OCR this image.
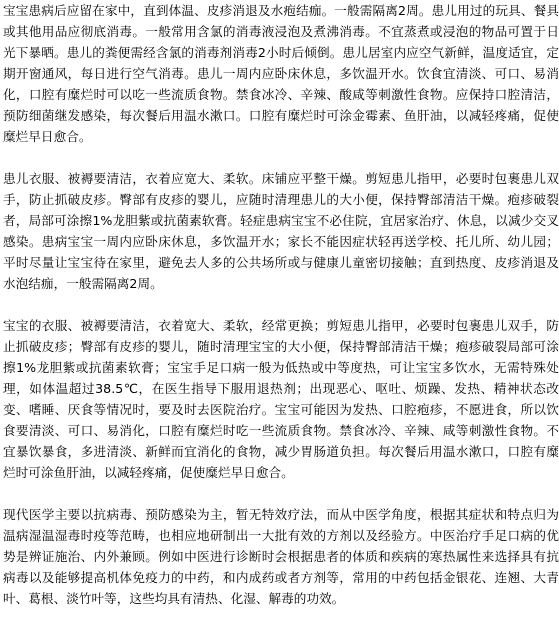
宝宝患病后应留在家中，直到体温、皮疹消退及水疱结痂。一般需隔离2周。患儿用过的玩具、餐具或其他用品应彻底消毒。一般常用含氯的消毒液浸泡及煮沸消毒。不宜蒸煮或浸泡的物品可置于日光下暴晒。患儿的粪便需经含氯的消毒剂消毒2小时后倾倒。患儿居室内应空气新鲜，温度适宜，定期开窗通风，每日进行空气消毒。患儿一周内应卧床休息，多饮温开水。饮食宜清淡、可口、易消化，口腔有糜烂时可以吃一些流质食物。禁食冰冷、辛辣、酸咸等刺激性食物。应保持口腔清洁，预防细菌继发感染，每次餐后用温水漱口。口腔有糜烂时可涂金霉素、鱼肝油，以减轻疼痛，促使糜烂早日愈合。

患儿衣服、被褥要清洁，衣着应宽大、柔软。床铺应平整干燥。剪短患儿指甲，必要时包裹患儿双手，防止抓破皮疹。臀部有皮疹的婴儿，应随时清理患儿的大小便，保持臀部清洁干燥。疱疹破裂者，局部可涂擦1%龙胆紫或抗菌素软膏。轻症患病宝宝不必住院，宜居家治疗、休息，以减少交叉感染。患病宝宝一周内应卧床休息，多饮温开水；家长不能因症状轻再送学校、托儿所、幼儿园；平时尽量让宝宝待在家里，避免去人多的公共场所或与健康儿童密切接触；直到热度、皮疹消退及水泡结痂，一般需隔离2周。

宝宝的衣服、被褥要清洁，衣着宽大、柔软，经常更换；剪短患儿指甲，必要时包裹患儿双手，防止抓破皮疹；臀部有皮疹的婴儿，随时清理宝宝的大小便，保持臀部清洁干燥；疱疹破裂局部可涂擦1%龙胆紫或抗菌素软膏；宝宝手足口病一般为低热或中等度热，可让宝宝多饮水，无需特殊处理，如体温超过38.5℃，在医生指导下服用退热剂；出现恶心、呕吐、烦躁、发热、精神状态改变、嗜睡、厌食等情况时，要及时去医院治疗。宝宝可能因为发热、口腔疱疹，不愿进食，所以饮食要清淡、可口、易消化，口腔有糜烂时吃一些流质食物。禁食冰冷、辛辣、咸等刺激性食物。不宜暴饮暴食，多进清淡、新鲜而宜消化的食物，减少胃肠道负担。每次餐后用温水漱口，口腔有糜烂时可涂鱼肝油，以减轻疼痛，促使糜烂早日愈合。

现代医学主要以抗病毒、预防感染为主，暂无特效疗法，而从中医学角度，根据其症状和特点归为温病湿温湿毒时疫等范畴，也相应地研制出一大批有效的方剂以及经验方。中医治疗手足口病的优势是辨证施治、内外兼顾。例如中医进行诊断时会根据患者的体质和疾病的寒热属性来选择具有抗病毒以及能够提高机体免疫力的中药，和内成药或者方剂等，常用的中药包括金银花、连翘、大青叶、葛根、淡竹叶等，这些均具有清热、化湿、解毒的功效。
